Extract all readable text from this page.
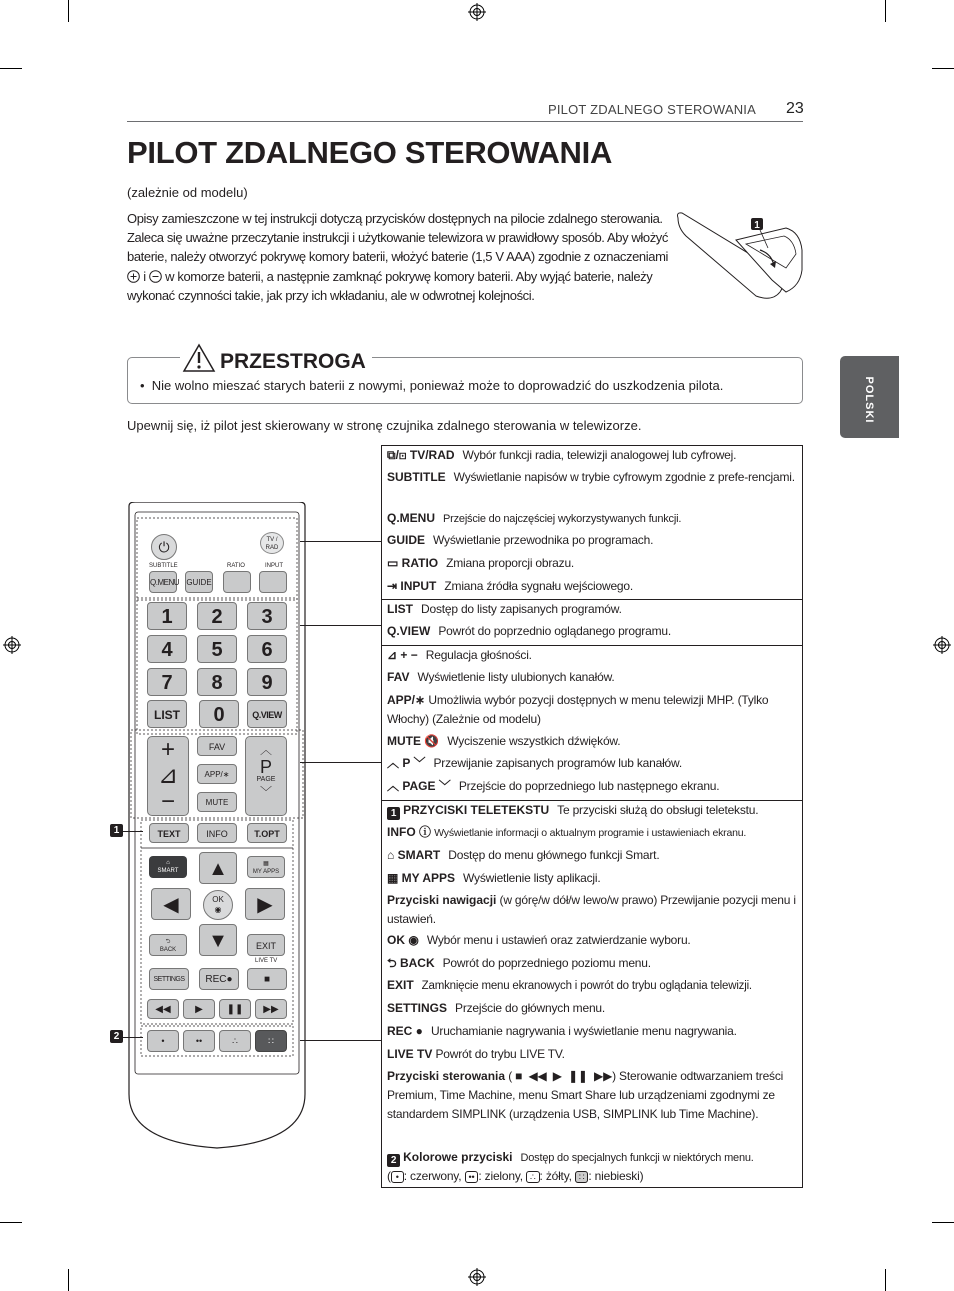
PILOT ZDALNEGO STEROWANIA 23
PILOT ZDALNEGO STEROWANIA
(zależnie od modelu)
Opisy zamieszczone w tej instrukcji dotyczą przycisków dostępnych na pilocie zdalnego sterowania. Zaleca się uważne przeczytanie instrukcji i użytkowanie telewizora w prawidłowy sposób. Aby włożyć baterie, należy otworzyć pokrywę komory baterii, włożyć baterie (1,5 V AAA) zgodnie z oznaczeniami  i w komorze baterii, a następnie zamknąć pokrywę komory baterii. Aby wyjąć baterie, należy wykonać czynności takie, jak przy ich wkładaniu, ale w odwrotnej kolejności.
1
POLSKI
PRZESTROGA
•  Nie wolno mieszać starych baterii z nowymi, ponieważ może to doprowadzić do uszkodzenia pilota.
Upewnij się, iż pilot jest skierowany w stronę czujnika zdalnego sterowania w telewizorze.
⏻	TV / RAD
SUBTITLE	RATIO	INPUT
Q.MENU GUIDE
1	2	3
4	5	6
7	8	9
LIST	0	Q.VIEW
+
⊿
−
FAV
APP/∗
MUTE
︿
P
PAGE
﹀
TEXT	INFO	T.OPT
⌂
SMART
▦
MY APPS
▲
◀	OK
◉	▶
▼
⮌
BACK	EXIT
LIVE TV
SETTINGS	REC●	■
◀◀	▶	❚❚	▶▶
•	••	∴	∷
1
2
⧉/⊡ TV/RAD Wybór funkcji radia, telewizji analogowej lub cyfrowej.
SUBTITLE Wyświetlanie napisów w trybie cyfrowym zgodnie z prefe-rencjami.
Q.MENU Przejście do najczęściej wykorzystywanych funkcji.
GUIDE Wyświetlanie przewodnika po programach.
▭ RATIO Zmiana proporcji obrazu.
⇥ INPUT Zmiana źródła sygnału wejściowego.
LIST Dostęp do listy zapisanych programów.
Q.VIEW Powrót do poprzednio oglądanego programu.
⊿ + − Regulacja głośności.
FAV Wyświetlenie listy ulubionych kanałów.
APP/∗ Umożliwia wybór pozycji dostępnych w menu telewizji MHP. (Tylko Włochy) (Zależnie od modelu)
MUTE 🔇 Wyciszenie wszystkich dźwięków.
︿ P ﹀ Przewijanie zapisanych programów lub kanałów.
︿ PAGE ﹀ Przejście do poprzedniego lub następnego ekranu.
1 PRZYCISKI TELETEKSTU Te przyciski służą do obsługi teletekstu.
INFO ⓘ Wyświetlanie informacji o aktualnym programie i ustawieniach ekranu.
⌂ SMART Dostęp do menu głównego funkcji Smart.
▦ MY APPS Wyświetlenie listy aplikacji.
Przyciski nawigacji (w górę/w dół/w lewo/w prawo) Przewijanie pozycji menu i ustawień.
OK ◉ Wybór menu i ustawień oraz zatwierdzanie wyboru.
⮌ BACK Powrót do poprzedniego poziomu menu.
EXIT Zamknięcie menu ekranowych i powrót do trybu oglądania telewizji.
SETTINGS Przejście do głównych menu.
REC ● Uruchamianie nagrywania i wyświetlanie menu nagrywania.
LIVE TV Powrót do trybu LIVE TV.
Przyciski sterowania ( ■  ◀◀  ▶  ❚❚  ▶▶) Sterowanie odtwarzaniem treści Premium, Time Machine, menu Smart Share lub urządzeniami zgodnymi ze standardem SIMPLINK (urządzenia USB, SIMPLINK lub Time Machine).
2 Kolorowe przyciski Dostęp do specjalnych funkcji w niektórych menu.
( • : czerwony, •• : zielony, ∴ : żółty, ∷ : niebieski)
